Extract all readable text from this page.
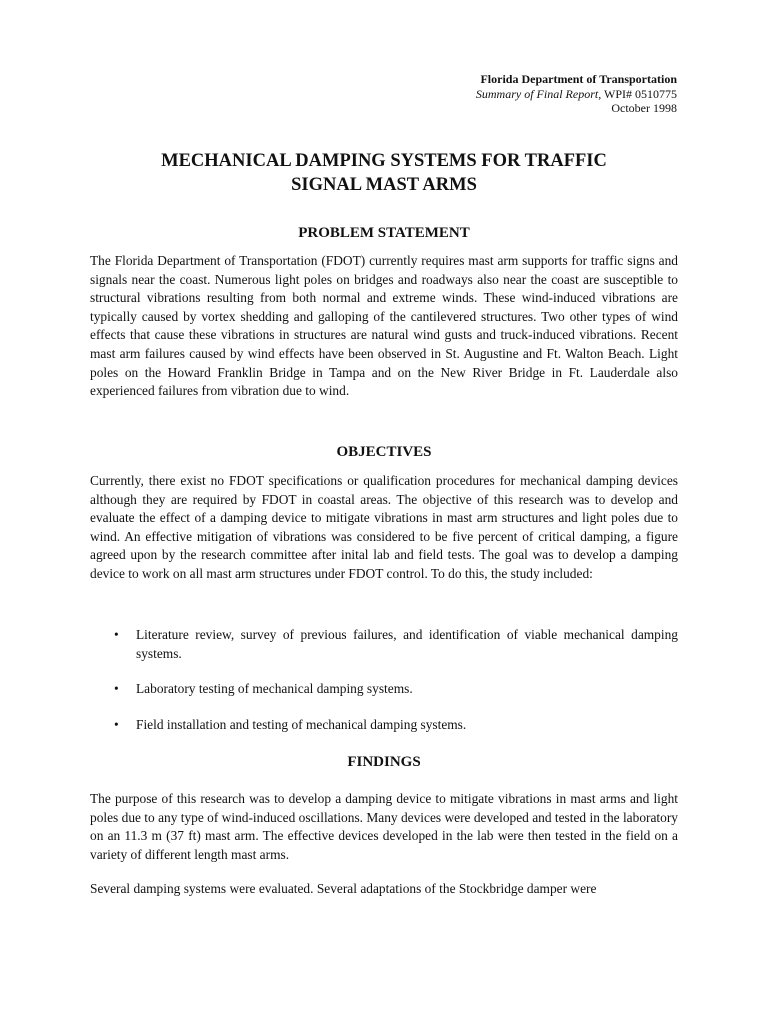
Florida Department of Transportation
Summary of Final Report, WPI# 0510775
October 1998
MECHANICAL DAMPING SYSTEMS FOR TRAFFIC
SIGNAL MAST ARMS
PROBLEM STATEMENT

The Florida Department of Transportation (FDOT) currently requires mast arm supports for traffic signs and signals near the coast. Numerous light poles on bridges and roadways also near the coast are susceptible to structural vibrations resulting from both normal and extreme winds. These wind-induced vibrations are typically caused by vortex shedding and galloping of the cantilevered structures. Two other types of wind effects that cause these vibrations in structures are natural wind gusts and truck-induced vibrations. Recent mast arm failures caused by wind effects have been observed in St. Augustine and Ft. Walton Beach. Light poles on the Howard Franklin Bridge in Tampa and on the New River Bridge in Ft. Lauderdale also experienced failures from vibration due to wind.

OBJECTIVES

Currently, there exist no FDOT specifications or qualification procedures for mechanical damping devices although they are required by FDOT in coastal areas. The objective of this research was to develop and evaluate the effect of a damping device to mitigate vibrations in mast arm structures and light poles due to wind. An effective mitigation of vibrations was considered to be five percent of critical damping, a figure agreed upon by the research committee after inital lab and field tests. The goal was to develop a damping device to work on all mast arm structures under FDOT control. To do this, the study included:

• Literature review, survey of previous failures, and identification of viable mechanical damping systems.
• Laboratory testing of mechanical damping systems.
• Field installation and testing of mechanical damping systems.
FINDINGS

The purpose of this research was to develop a damping device to mitigate vibrations in mast arms and light poles due to any type of wind-induced oscillations. Many devices were developed and tested in the laboratory on an 11.3 m (37 ft) mast arm. The effective devices developed in the lab were then tested in the field on a variety of different length mast arms.

Several damping systems were evaluated. Several adaptations of the Stockbridge damper were
